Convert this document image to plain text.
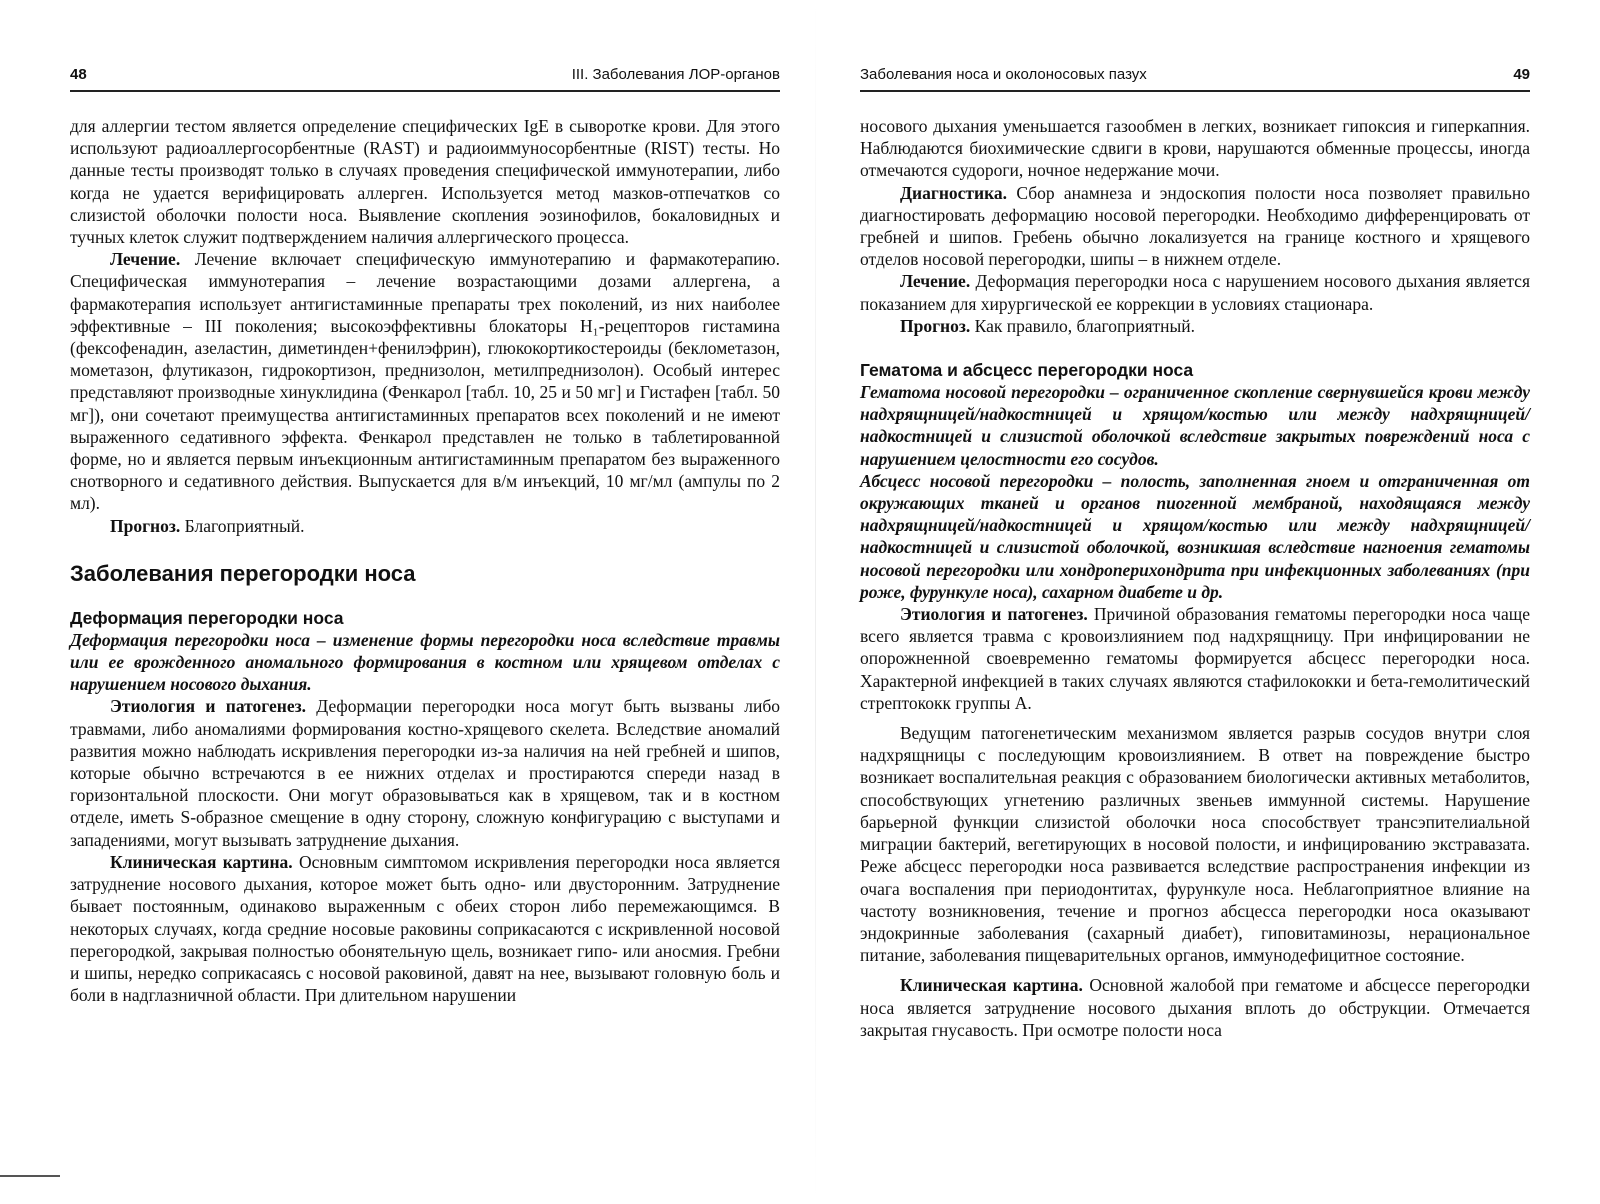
48	III. Заболевания ЛОР-органов

для аллергии тестом является определение специфических IgE в сыворотке крови. Для этого используют радиоаллергосорбентные (RAST) и радиоиммуносорбентные (RIST) тесты. Но данные тесты производят только в случаях проведения специфической иммунотерапии, либо когда не удается верифицировать аллерген. Используется метод мазков-отпечатков со слизистой оболочки полости носа. Выявление скопления эозинофилов, бокаловидных и тучных клеток служит подтверждением наличия аллергического процесса.

Лечение. Лечение включает специфическую иммунотерапию и фармакотерапию. Специфическая иммунотерапия – лечение возрастающими дозами аллергена, а фармакотерапия использует антигистаминные препараты трех поколений, из них наиболее эффективные – III поколения; высокоэффективны блокаторы H₁-рецепторов гистамина (фексофенадин, азеластин, диметинден+фенилэфрин), глюкокортикостероиды (беклометазон, мометазон, флутиказон, гидрокортизон, преднизолон, метилпреднизолон). Особый интерес представляют производные хинуклидина (Фенкарол [табл. 10, 25 и 50 мг] и Гистафен [табл. 50 мг]), они сочетают преимущества антигистаминных препаратов всех поколений и не имеют выраженного седативного эффекта. Фенкарол представлен не только в таблетированной форме, но и является первым инъекционным антигистаминным препаратом без выраженного снотворного и седативного действия. Выпускается для в/м инъекций, 10 мг/мл (ампулы по 2 мл).

Прогноз. Благоприятный.

Заболевания перегородки носа
Деформация перегородки носа

Деформация перегородки носа – изменение формы перегородки носа вследствие травмы или ее врожденного аномального формирования в костном или хрящевом отделах с нарушением носового дыхания.

Этиология и патогенез. Деформации перегородки носа могут быть вызваны либо травмами, либо аномалиями формирования костно-хрящевого скелета. Вследствие аномалий развития можно наблюдать искривления перегородки из-за наличия на ней гребней и шипов, которые обычно встречаются в ее нижних отделах и простираются спереди назад в горизонтальной плоскости. Они могут образовываться как в хрящевом, так и в костном отделе, иметь S-образное смещение в одну сторону, сложную конфигурацию с выступами и западениями, могут вызывать затруднение дыхания.

Клиническая картина. Основным симптомом искривления перегородки носа является затруднение носового дыхания, которое может быть одно- или двусторонним. Затруднение бывает постоянным, одинаково выраженным с обеих сторон либо перемежающимся. В некоторых случаях, когда средние носовые раковины соприкасаются с искривленной носовой перегородкой, закрывая полностью обонятельную щель, возникает гипо- или аносмия. Гребни и шипы, нередко соприкасаясь с носовой раковиной, давят на нее, вызывают головную боль и боли в надглазничной области. При длительном нарушении

Заболевания носа и околоносовых пазух	49

носового дыхания уменьшается газообмен в легких, возникает гипоксия и гиперкапния. Наблюдаются биохимические сдвиги в крови, нарушаются обменные процессы, иногда отмечаются судороги, ночное недержание мочи.

Диагностика. Сбор анамнеза и эндоскопия полости носа позволяет правильно диагностировать деформацию носовой перегородки. Необходимо дифференцировать от гребней и шипов. Гребень обычно локализуется на границе костного и хрящевого отделов носовой перегородки, шипы – в нижнем отделе.

Лечение. Деформация перегородки носа с нарушением носового дыхания является показанием для хирургической ее коррекции в условиях стационара.

Прогноз. Как правило, благоприятный.

Гематома и абсцесс перегородки носа

Гематома носовой перегородки – ограниченное скопление свернувшейся крови между надхрящницей/надкостницей и хрящом/костью или между надхрящницей/надкостницей и слизистой оболочкой вследствие закрытых повреждений носа с нарушением целостности его сосудов.

Абсцесс носовой перегородки – полость, заполненная гноем и отграниченная от окружающих тканей и органов пиогенной мембраной, находящаяся между надхрящницей/надкостницей и хрящом/костью или между надхрящницей/надкостницей и слизистой оболочкой, возникшая вследствие нагноения гематомы носовой перегородки или хондроперихондрита при инфекционных заболеваниях (при роже, фурункуле носа), сахарном диабете и др.

Этиология и патогенез. Причиной образования гематомы перегородки носа чаще всего является травма с кровоизлиянием под надхрящницу. При инфицировании не опорожненной своевременно гематомы формируется абсцесс перегородки носа. Характерной инфекцией в таких случаях являются стафилококки и бета-гемолитический стрептококк группы А.

Ведущим патогенетическим механизмом является разрыв сосудов внутри слоя надхрящницы с последующим кровоизлиянием. В ответ на повреждение быстро возникает воспалительная реакция с образованием биологически активных метаболитов, способствующих угнетению различных звеньев иммунной системы. Нарушение барьерной функции слизистой оболочки носа способствует трансэпителиальной миграции бактерий, вегетирующих в носовой полости, и инфицированию экстравазата. Реже абсцесс перегородки носа развивается вследствие распространения инфекции из очага воспаления при периодонтитах, фурункуле носа. Неблагоприятное влияние на частоту возникновения, течение и прогноз абсцесса перегородки носа оказывают эндокринные заболевания (сахарный диабет), гиповитаминозы, нерациональное питание, заболевания пищеварительных органов, иммунодефицитное состояние.

Клиническая картина. Основной жалобой при гематоме и абсцессе перегородки носа является затруднение носового дыхания вплоть до обструкции. Отмечается закрытая гнусавость. При осмотре полости носа
